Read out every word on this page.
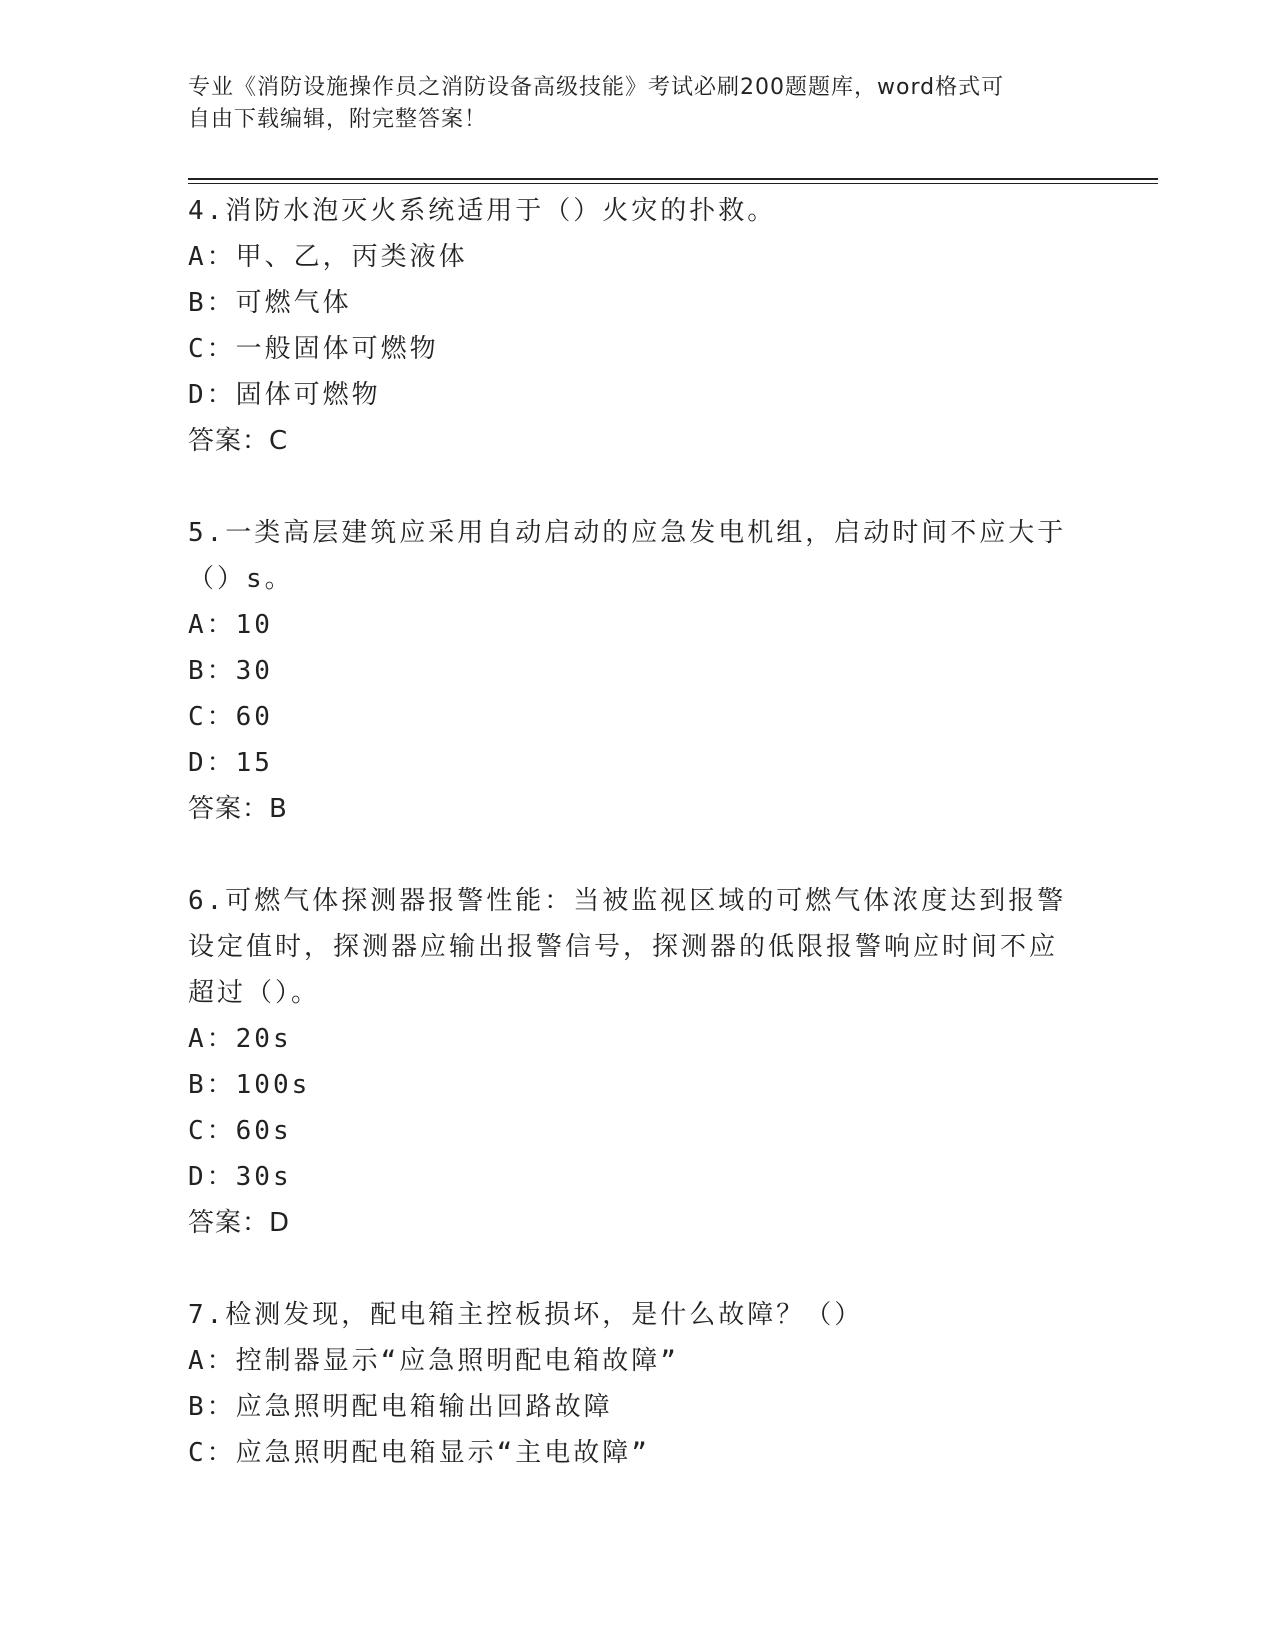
专业《消防设施操作员之消防设备高级技能》考试必刷200题题库，word格式可
自由下载编辑，附完整答案！
4.消防水泡灭火系统适用于（）火灾的扑救。
A：甲、乙，丙类液体
B：可燃气体
C：一般固体可燃物
D：固体可燃物
答案：C
5.一类高层建筑应采用自动启动的应急发电机组，启动时间不应大于（）s。
A：10
B：30
C：60
D：15
答案：B
6.可燃气体探测器报警性能：当被监视区域的可燃气体浓度达到报警设定值时，探测器应输出报警信号，探测器的低限报警响应时间不应超过（）。
A：20s
B：100s
C：60s
D：30s
答案：D
7.检测发现，配电箱主控板损坏，是什么故障？（）
A：控制器显示“应急照明配电箱故障”
B：应急照明配电箱输出回路故障
C：应急照明配电箱显示“主电故障”
